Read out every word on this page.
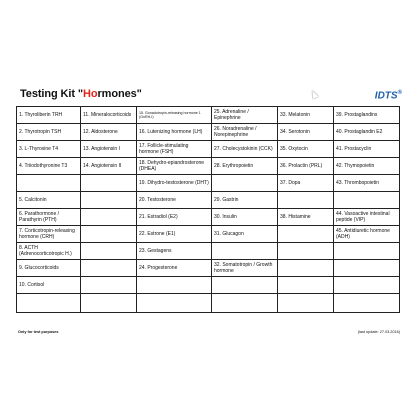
Testing Kit "Hormones"	IDTS®
1. Thyroliberin TRH	11. Mineralocorticoids	15. Gonadotropin-releasing hormone 1 (GnRH-I)	25. Adrenaline / Epinephrine	33. Melatonin	39. Prostaglandins
2. Thyrotropin TSH	12. Aldosterone	16. Lutenizing hormone (LH)	26. Noradrenaline / Norepinephrine	34. Serotonin	40. Prostaglandin E2
3. L-Thyroxine T4	13. Angiotensin I	17. Follicle-stimulating hormone (FSH)	27. Cholecystokinin (CCK)	35. Oxytocin	41. Prostacyclin
4. Triiodothyronine T3	14. Angiotensin II	18. Dehydro-epiandrosterone (DHEA)	28. Erythropoietin	36. Prolactin (PRL)	42. Thymopoietin
		19. Dihydro-testosterone (DHT)		37. Dopa	43. Thrombopoietin
5. Calcitonin		20. Testosterone	29. Gastrin		
6. Parathormone / Parathyrin (PTH)		21. Estradiol (E2)	30. Insulin	38. Histamine	44. Vasoactive intestinal peptide (VIP)
7. Corticotropin-releasing hormone (CRH)		22. Estrone (E1)	31. Glucagon		45. Antidiuretic hormone (ADH)
8. ACTH (Adrenocorticotropic H.)		23. Gestagens			
9. Glucocorticoids		24. Progesterone	32. Somatotropin / Growth hormone		
10. Cortisol					

Only for test purposes	(last update: 27.03.2016)
